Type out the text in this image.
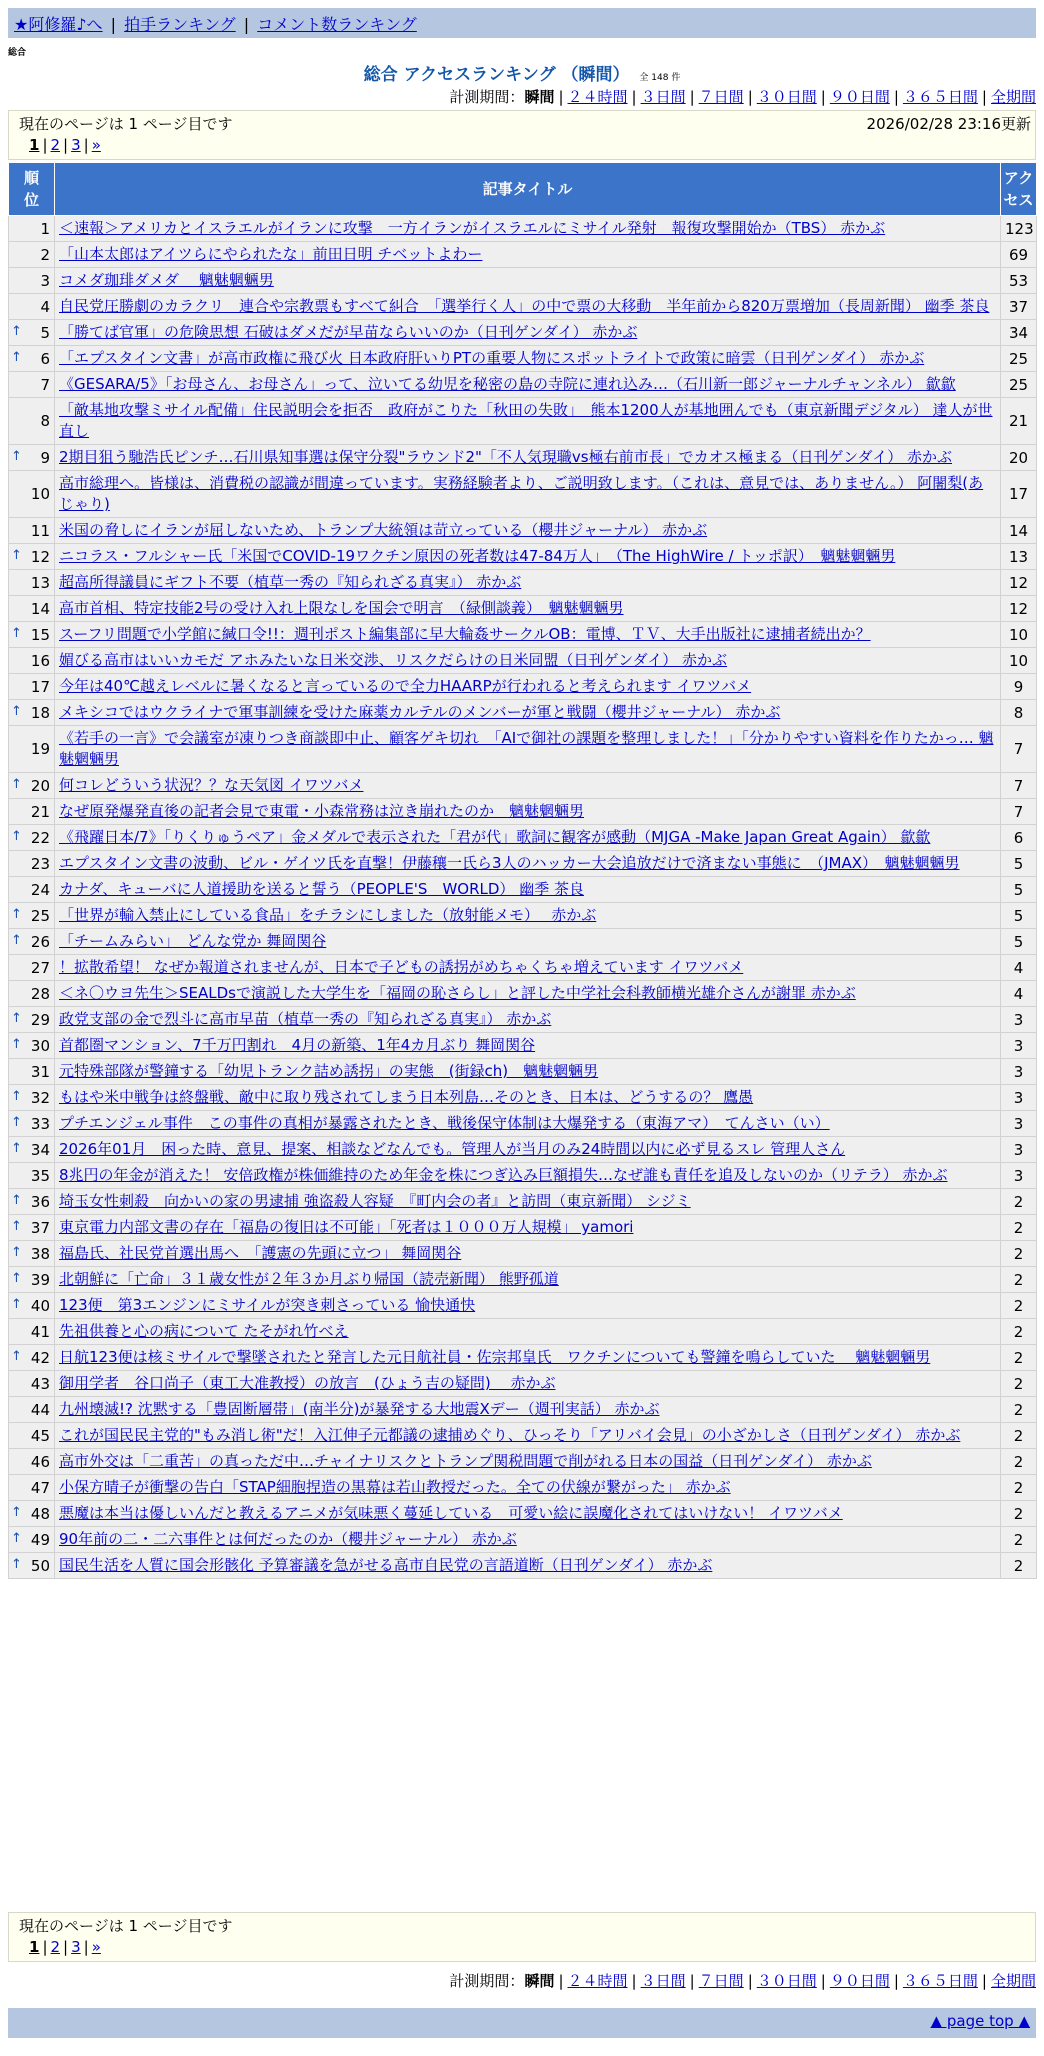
★阿修羅♪へ | 拍手ランキング | コメント数ランキング
総合
総合 アクセスランキング （瞬間） 全 148 件
計測期間：瞬間 | ２４時間 | ３日間 | ７日間 | ３０日間 | ９０日間 | ３６５日間 | 全期間
現在のページは 1 ページ目です	2026/02/28 23:16更新
1 | 2 | 3 | »
順
位	記事タイトル	アク
セス
1	＜速報＞アメリカとイスラエルがイランに攻撃　一方イランがイスラエルにミサイル発射　報復攻撃開始か（TBS） 赤かぶ	123
2	「山本太郎はアイツらにやられたな」前田日明 チベットよわー	69
3	コメダ珈琲ダメダ　 魑魅魍魎男	53
4	自民党圧勝劇のカラクリ　連合や宗教票もすべて糾合　「選挙行く人」の中で票の大移動　半年前から820万票増加（長周新聞） 幽季 茶良	37

↑ 5	「勝てば官軍」の危険思想 石破はダメだが早苗ならいいのか（日刊ゲンダイ） 赤かぶ	34

↑ 6	「エプスタイン文書」が高市政権に飛び火 日本政府肝いりPTの重要人物にスポットライトで政策に暗雲（日刊ゲンダイ） 赤かぶ	25
7	《GESARA/5》「お母さん、お母さん」って、泣いてる幼児を秘密の島の寺院に連れ込み…（石川新一郎ジャーナルチャンネル） 歙歙	25
8	「敵基地攻撃ミサイル配備」住民説明会を拒否　政府がこりた「秋田の失敗」　熊本1200人が基地囲んでも（東京新聞デジタル） 達人が世直し	21

↑ 9	2期目狙う馳浩氏ピンチ…石川県知事選は保守分裂"ラウンド2"「不人気現職vs極右前市長」でカオス極まる（日刊ゲンダイ） 赤かぶ	20
10	高市総理へ。皆様は、消費税の認識が間違っています。実務経験者より、ご説明致します。（これは、意見では、ありません。） 阿闍梨(あじゃり)	17
11	米国の脅しにイランが屈しないため、トランプ大統領は苛立っている（櫻井ジャーナル） 赤かぶ	14

↑ 12	ニコラス・フルシャー氏「米国でCOVID-19ワクチン原因の死者数は47-84万人」　（The HighWire / トッポ訳）　魑魅魍魎男	13
13	超高所得議員にギフト不要（植草一秀の『知られざる真実』） 赤かぶ	12
14	高市首相、特定技能2号の受け入れ上限なしを国会で明言　（緑側談義）　魑魅魍魎男	12

↑ 15	スーフリ問題で小学館に緘口令!!：週刊ポスト編集部に早大輪姦サークルOB：電博、ＴＶ、大手出版社に逮捕者続出か？	10
16	媚びる高市はいいカモだ アホみたいな日米交渉、リスクだらけの日米同盟（日刊ゲンダイ） 赤かぶ	10
17	今年は40℃越えレベルに暑くなると言っているので全力HAARPが行われると考えられます イワツバメ	9

↑ 18	メキシコではウクライナで軍事訓練を受けた麻薬カルテルのメンバーが軍と戦闘（櫻井ジャーナル） 赤かぶ	8
19	《若手の一言》で会議室が凍りつき商談即中止、顧客ゲキ切れ　「AIで御社の課題を整理しました！」「分かりやすい資料を作りたかっ… 魑魅魍魎男	7

↑ 20	何コレどういう状況？？な天気図 イワツバメ	7
21	なぜ原発爆発直後の記者会見で東電・小森常務は泣き崩れたのか　魑魅魍魎男	7

↑ 22	《飛躍日本/7》「りくりゅうペア」金メダルで表示された「君が代」歌詞に観客が感動（MJGA -Make Japan Great Again） 歙歙	6
23	エプスタイン文書の波動、ビル・ゲイツ氏を直撃！伊藤穰一氏ら3人のハッカー大会追放だけで済まない事態に　（JMAX）　魑魅魍魎男	5
24	カナダ、キューバに人道援助を送ると誓う（PEOPLE'S　WORLD） 幽季 茶良	5

↑ 25	「世界が輸入禁止にしている食品」をチラシにしました（放射能メモ）　 赤かぶ	5

↑ 26	「チームみらい」　どんな党か 舞岡関谷	5
27	！拡散希望！ なぜか報道されませんが、日本で子どもの誘拐がめちゃくちゃ増えています イワツバメ	4
28	＜ネ〇ウヨ先生＞SEALDsで演説した大学生を「福岡の恥さらし」と評した中学社会科教師横光雄介さんが謝罪 赤かぶ	4

↑ 29	政党支部の金で烈斗に高市早苗（植草一秀の『知られざる真実』） 赤かぶ	3

↑ 30	首都圏マンション、7千万円割れ　4月の新築、1年4カ月ぶり 舞岡関谷	3
31	元特殊部隊が警鐘する「幼児トランク詰め誘拐」の実態　(街録ch)　魑魅魍魎男	3

↑ 32	もはや米中戦争は終盤戦、敵中に取り残されてしまう日本列島…そのとき、日本は、どうするの？ 鷹愚	3

↑ 33	プチエンジェル事件　この事件の真相が暴露されたとき、戦後保守体制は大爆発する（東海アマ）　てんさい（い）	3

↑ 34	2026年01月　困った時、意見、提案、相談などなんでも。管理人が当月のみ24時間以内に必ず見るスレ 管理人さん	3
35	8兆円の年金が消えた！ 安倍政権が株価維持のため年金を株につぎ込み巨額損失…なぜ誰も責任を追及しないのか（リテラ） 赤かぶ	3

↑ 36	埼玉女性刺殺　向かいの家の男逮捕 強盗殺人容疑　『町内会の者』と訪問（東京新聞） シジミ	2

↑ 37	東京電力内部文書の存在「福島の復旧は不可能」「死者は１０００万人規模」 yamori	2

↑ 38	福島氏、社民党首選出馬へ　「護憲の先頭に立つ」 舞岡関谷	2

↑ 39	北朝鮮に「亡命」３１歳女性が２年３か月ぶり帰国（読売新聞） 熊野孤道	2

↑ 40	123便　第3エンジンにミサイルが突き刺さっている 愉快通快	2
41	先祖供養と心の病について たそがれ竹べえ	2

↑ 42	日航123便は核ミサイルで撃墜されたと発言した元日航社員・佐宗邦皇氏　ワクチンについても警鐘を鳴らしていた　 魑魅魍魎男	2
43	御用学者　谷口尚子（東工大准教授）の放言　(ひょう吉の疑問)　 赤かぶ	2
44	九州壊滅!? 沈黙する「豊固断層帯」(南半分)が暴発する大地震Xデー（週刊実話） 赤かぶ	2
45	これが国民民主党的"もみ消し術"だ！入江伸子元都議の逮捕めぐり、ひっそり「アリバイ会見」の小ざかしさ（日刊ゲンダイ） 赤かぶ	2
46	高市外交は「二重苦」の真っただ中…チャイナリスクとトランプ関税問題で削がれる日本の国益（日刊ゲンダイ） 赤かぶ	2
47	小保方晴子が衝撃の告白「STAP細胞捏造の黒幕は若山教授だった。全ての伏線が繋がった」 赤かぶ	2

↑ 48	悪魔は本当は優しいんだと教えるアニメが気味悪く蔓延している　可愛い絵に誤魔化されてはいけない！ イワツバメ	2

↑ 49	90年前の二・二六事件とは何だったのか（櫻井ジャーナル） 赤かぶ	2

↑ 50	国民生活を人質に国会形骸化 予算審議を急がせる高市自民党の言語道断（日刊ゲンダイ） 赤かぶ	2
現在のページは 1 ページ目です
1 | 2 | 3 | »
計測期間：瞬間 | ２４時間 | ３日間 | ７日間 | ３０日間 | ９０日間 | ３６５日間 | 全期間
▲ page top ▲
